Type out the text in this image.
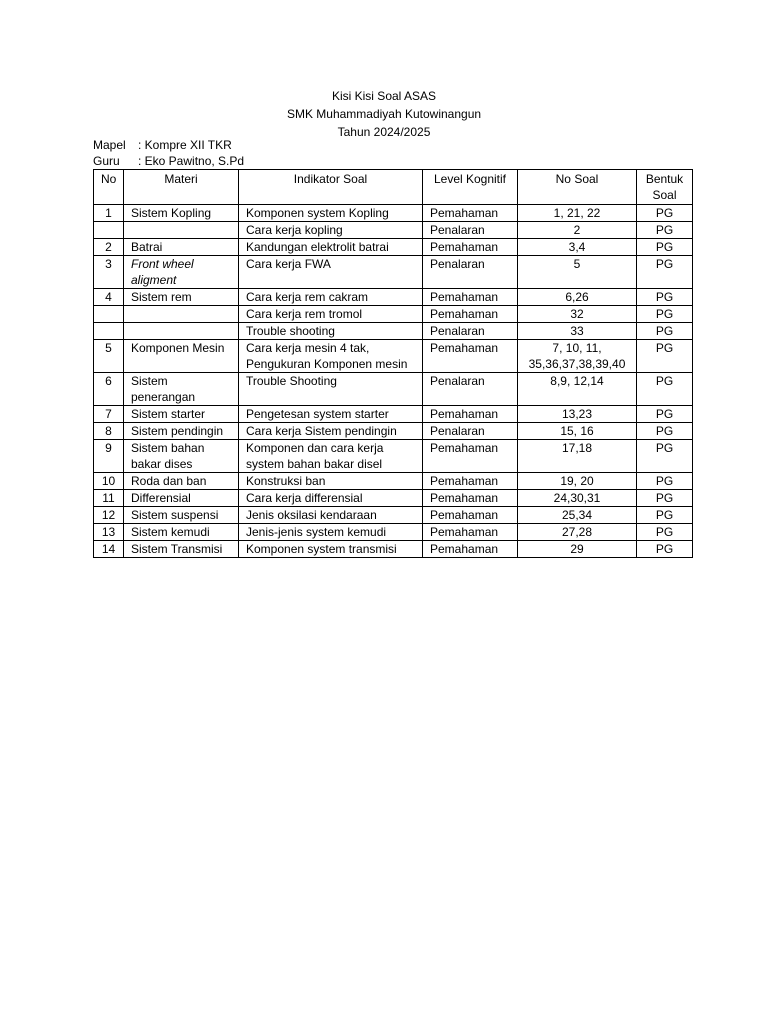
Kisi Kisi Soal ASAS
SMK Muhammadiyah Kutowinangun
Tahun 2024/2025
Mapel	: Kompre XII TKR
Guru	: Eko Pawitno, S.Pd
No	Materi	Indikator Soal	Level Kognitif	No Soal	Bentuk Soal
1	Sistem Kopling	Komponen system Kopling	Pemahaman	1, 21, 22	PG
		Cara kerja kopling	Penalaran	2	PG
2	Batrai	Kandungan elektrolit batrai	Pemahaman	3,4	PG
3	Front wheel aligment	Cara kerja FWA	Penalaran	5	PG
4	Sistem rem	Cara kerja rem cakram	Pemahaman	6,26	PG
		Cara kerja rem tromol	Pemahaman	32	PG
		Trouble shooting	Penalaran	33	PG
5	Komponen Mesin	Cara kerja mesin 4 tak, Pengukuran Komponen mesin	Pemahaman	7, 10, 11, 35,36,37,38,39,40	PG
6	Sistem penerangan	Trouble Shooting	Penalaran	8,9, 12,14	PG
7	Sistem starter	Pengetesan system starter	Pemahaman	13,23	PG
8	Sistem pendingin	Cara kerja Sistem pendingin	Penalaran	15, 16	PG
9	Sistem bahan bakar dises	Komponen dan cara kerja system bahan bakar disel	Pemahaman	17,18	PG
10	Roda dan ban	Konstruksi ban	Pemahaman	19, 20	PG
11	Differensial	Cara kerja differensial	Pemahaman	24,30,31	PG
12	Sistem suspensi	Jenis oksilasi kendaraan	Pemahaman	25,34	PG
13	Sistem kemudi	Jenis-jenis system kemudi	Pemahaman	27,28	PG
14	Sistem Transmisi	Komponen system transmisi	Pemahaman	29	PG
